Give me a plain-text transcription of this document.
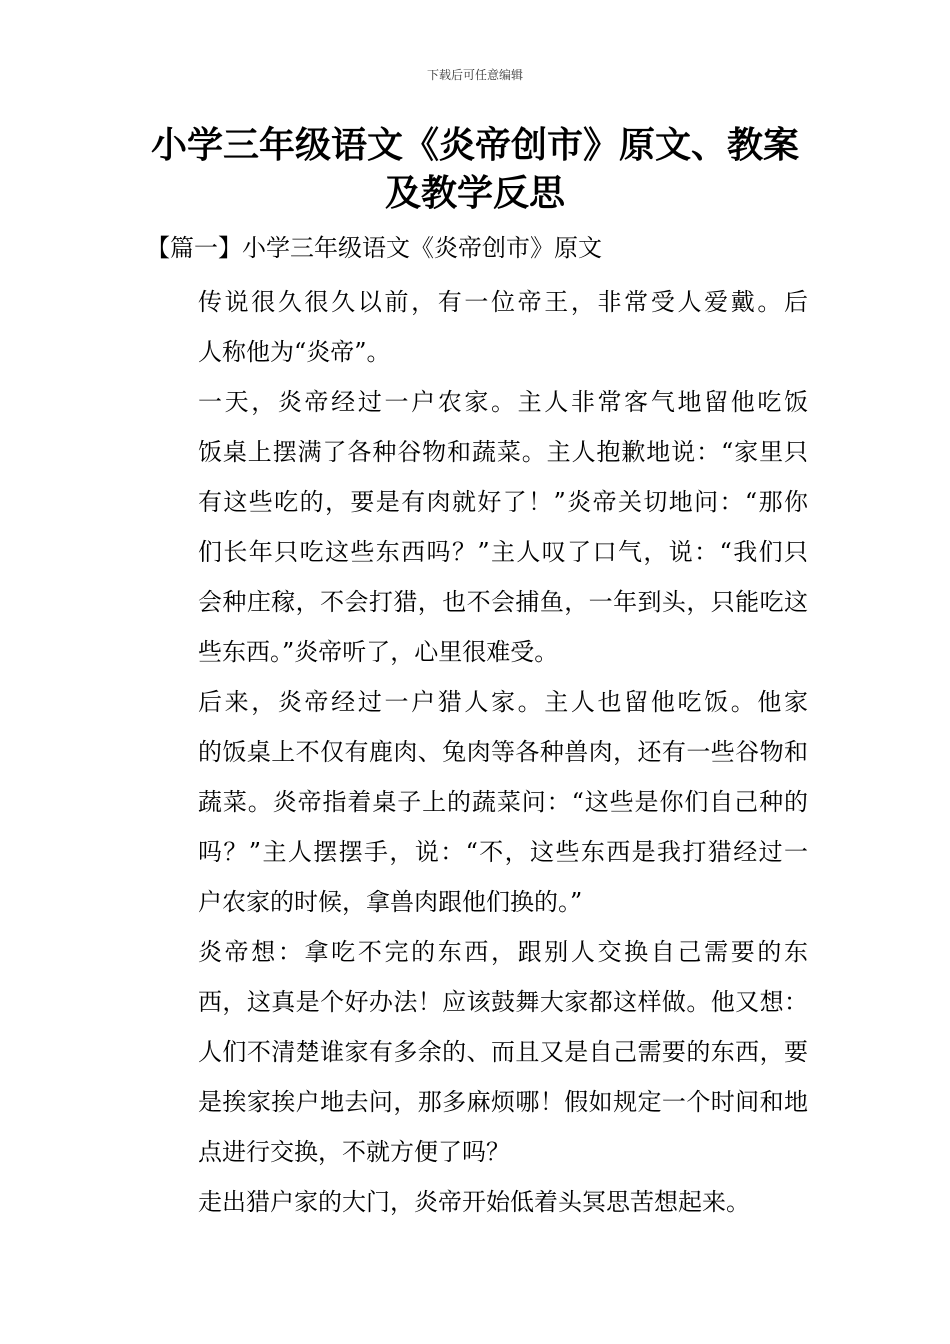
下载后可任意编辑
小学三年级语文《炎帝创市》原文、教案
及教学反思
【篇一】小学三年级语文《炎帝创市》原文

传说很久很久以前，有一位帝王，非常受人爱戴。后
人称他为“炎帝”。

一天，炎帝经过一户农家。主人非常客气地留他吃饭
饭桌上摆满了各种谷物和蔬菜。主人抱歉地说：“家里只
有这些吃的，要是有肉就好了！”炎帝关切地问：“那你
们长年只吃这些东西吗？”主人叹了口气，说：“我们只
会种庄稼，不会打猎，也不会捕鱼，一年到头，只能吃这
些东西。”炎帝听了，心里很难受。

后来，炎帝经过一户猎人家。主人也留他吃饭。他家
的饭桌上不仅有鹿肉、兔肉等各种兽肉，还有一些谷物和
蔬菜。炎帝指着桌子上的蔬菜问：“这些是你们自己种的
吗？”主人摆摆手，说：“不，这些东西是我打猎经过一
户农家的时候，拿兽肉跟他们换的。”

炎帝想：拿吃不完的东西，跟别人交换自己需要的东
西，这真是个好办法！应该鼓舞大家都这样做。他又想：
人们不清楚谁家有多余的、而且又是自己需要的东西，要
是挨家挨户地去问，那多麻烦哪！假如规定一个时间和地
点进行交换，不就方便了吗？

走出猎户家的大门，炎帝开始低着头冥思苦想起来。
